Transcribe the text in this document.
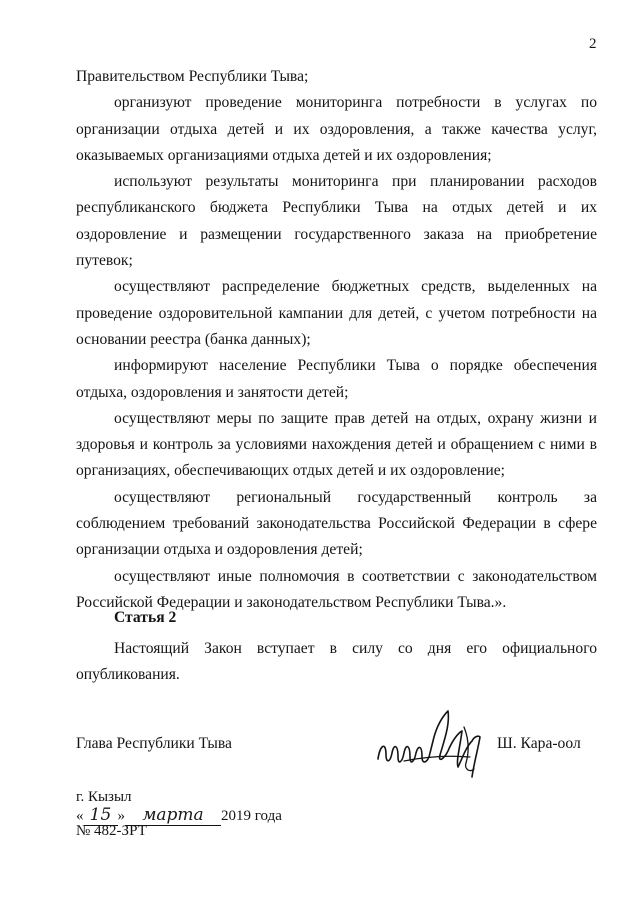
2

Правительством Республики Тыва;

организуют проведение мониторинга потребности в услугах по организации отдыха детей и их оздоровления, а также качества услуг, оказываемых организациями отдыха детей и их оздоровления;

используют результаты мониторинга при планировании расходов республиканского бюджета Республики Тыва на отдых детей и их оздоровление и размещении государственного заказа на приобретение путевок;

осуществляют распределение бюджетных средств, выделенных на проведение оздоровительной кампании для детей, с учетом потребности на основании реестра (банка данных);

информируют население Республики Тыва о порядке обеспечения отдыха, оздоровления и занятости детей;

осуществляют меры по защите прав детей на отдых, охрану жизни и здоровья и контроль за условиями нахождения детей и обращением с ними в организациях, обеспечивающих отдых детей и их оздоровление;

осуществляют региональный государственный контроль за соблюдением требований законодательства Российской Федерации в сфере организации отдыха и оздоровления детей;

осуществляют иные полномочия в соответствии с законодательством Российской Федерации и законодательством Республики Тыва.».

Статья 2

Настоящий Закон вступает в силу со дня его официального опубликования.

Глава Республики Тыва	Ш. Кара-оол
г. Кызыл
« 15 » марта 2019 года
№ 482-ЗРТ
